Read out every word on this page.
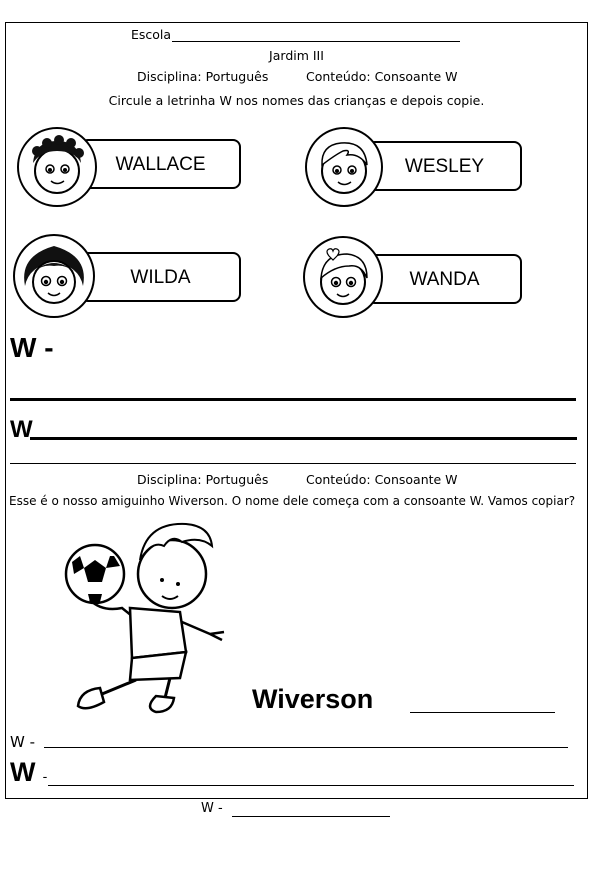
Escola
Jardim III
Disciplina: Português	Conteúdo: Consoante W
Circule a letrinha W nos nomes das crianças e depois copie.
WALLACE	WESLEY
WILDA	WANDA
W -
W
Disciplina: Português	Conteúdo: Consoante W
Esse é o nosso amiguinho Wiverson. O nome dele começa com a consoante W. Vamos copiar?
Wiverson
W -
W -
W -
